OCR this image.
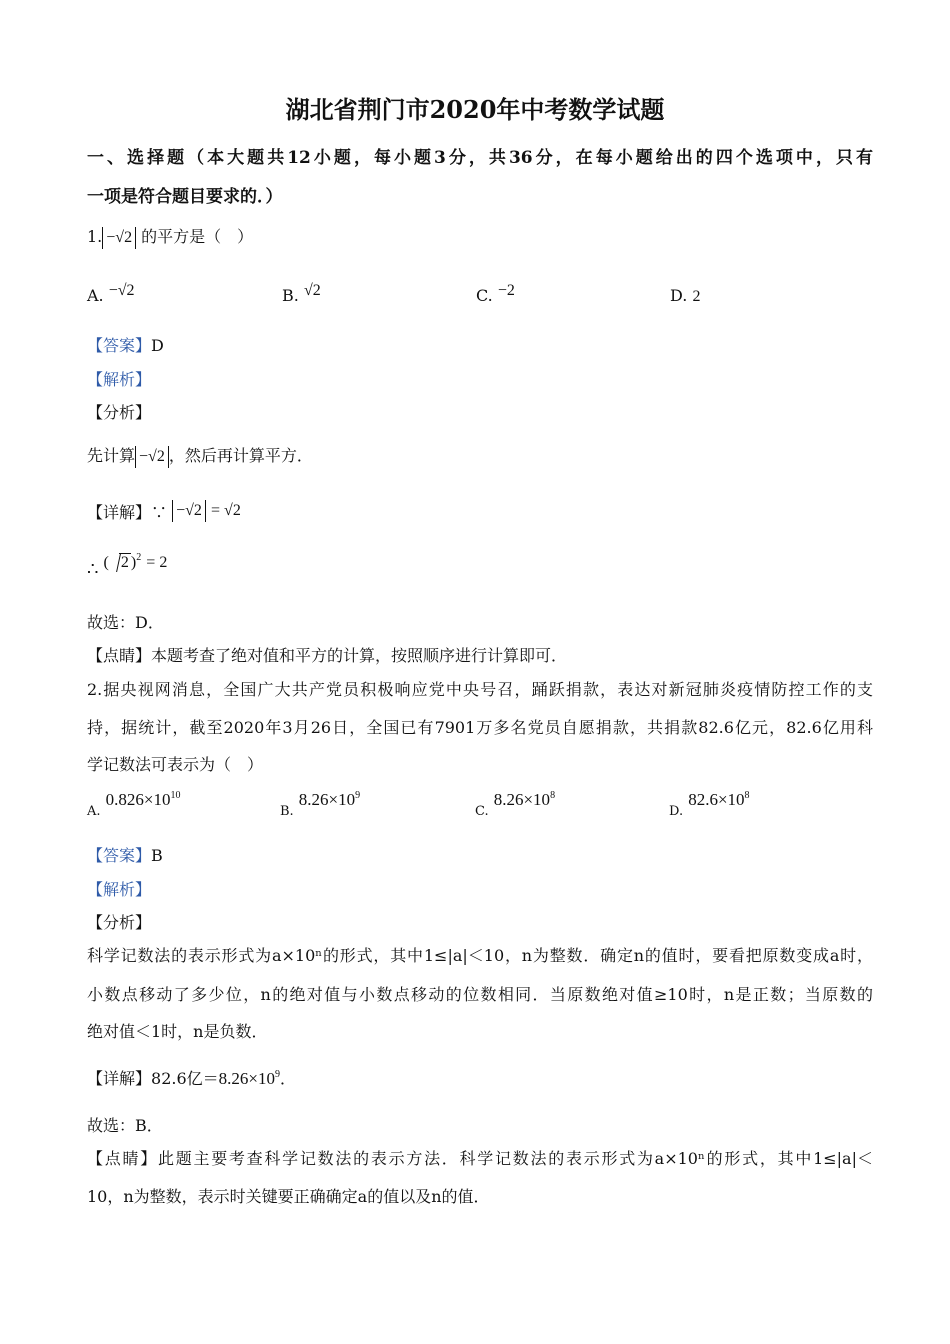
湖北省荆门市2020年中考数学试题
一、选择题（本大题共12小题，每小题3分，共36分，在每小题给出的四个选项中，只有
一项是符合题目要求的．）
1. −√2 的平方是（　）
A. −√2	B. √2	C. −2	D. 2
【答案】D
【解析】
【分析】
先计算 −√2 ，然后再计算平方．
【详解】∵ −√2 = √2
∴ ( 2 )$^2$ = 2
故选：D．
【点睛】本题考查了绝对值和平方的计算，按照顺序进行计算即可．
2.据央视网消息，全国广大共产党员积极响应党中央号召，踊跃捐款，表达对新冠肺炎疫情防控工作的支
持，据统计，截至2020年3月26日，全国已有7901万多名党员自愿捐款，共捐款82.6亿元，82.6亿用科
学记数法可表示为（　）
$_{A.}$ $0.826\times 10^{10}$
$_{B.}$ $8.26\times 10^9$
$_{C.}$ $8.26\times 10^8$
$_{D.}$ $82.6\times 10^8$
【答案】B
【解析】
【分析】
科学记数法的表示形式为a×10ⁿ的形式，其中1≤|a|＜10，n为整数．确定n的值时，要看把原数变成a时，
小数点移动了多少位，n的绝对值与小数点移动的位数相同．当原数绝对值≥10时，n是正数；当原数的
绝对值＜1时，n是负数．
【详解】82.6亿$=8.26\times 10^9$．
故选：B．
【点睛】此题主要考查科学记数法的表示方法．科学记数法的表示形式为a×10ⁿ的形式，其中1≤|a|＜
10，n为整数，表示时关键要正确确定a的值以及n的值．
